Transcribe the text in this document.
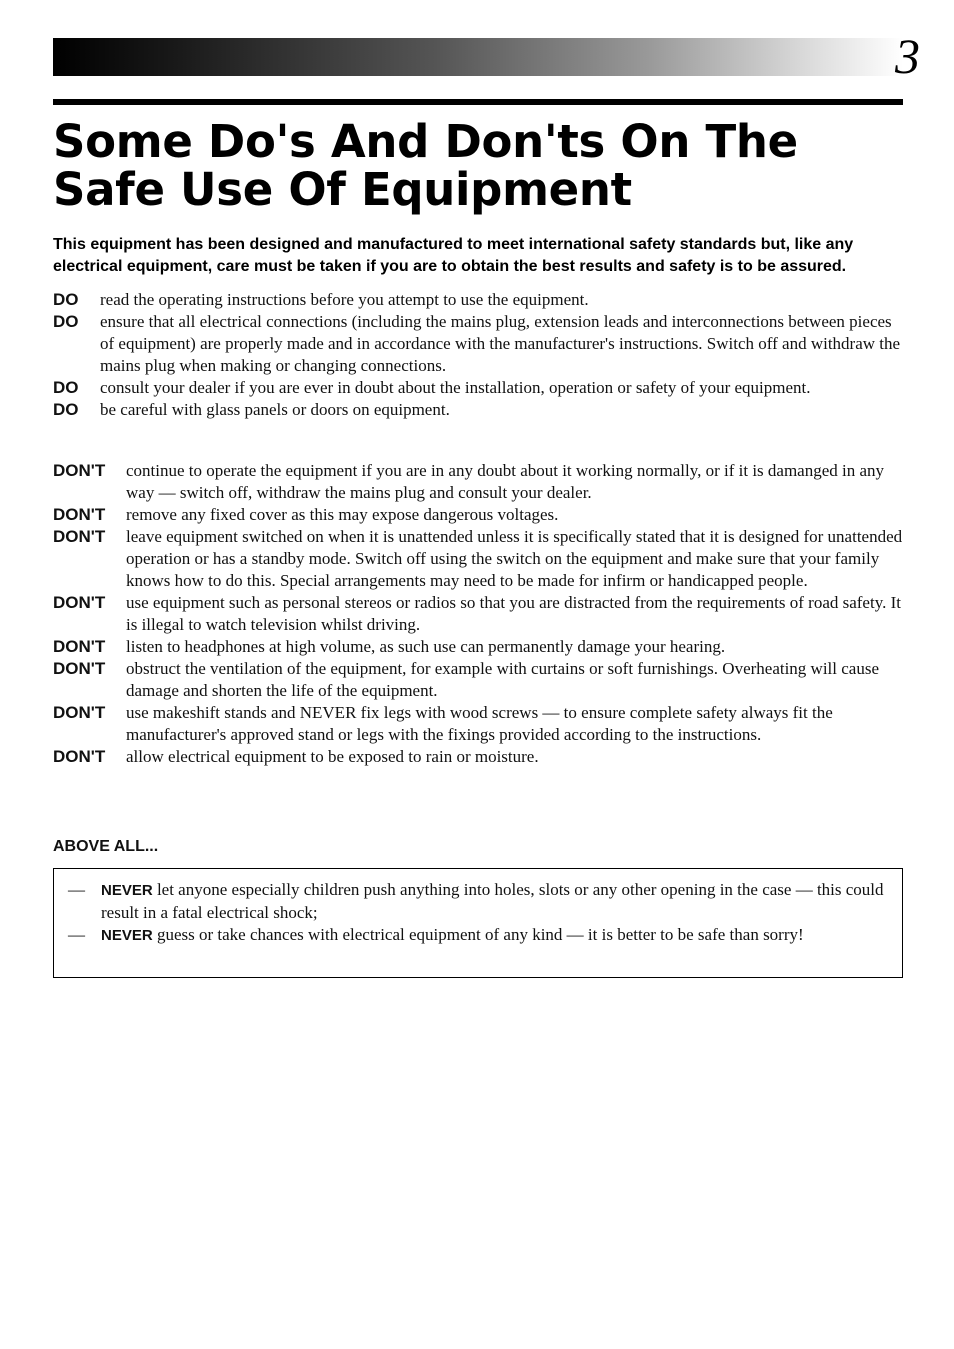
3
Some Do's And Don'ts On The Safe Use Of Equipment

This equipment has been designed and manufactured to meet international safety standards but, like any electrical equipment, care must be taken if you are to obtain the best results and safety is to be assured.

DO	read the operating instructions before you attempt to use the equipment.
DO	ensure that all electrical connections (including the mains plug, extension leads and interconnections between pieces of equipment) are properly made and in accordance with the manufacturer's instructions. Switch off and withdraw the mains plug when making or changing connections.
DO	consult your dealer if you are ever in doubt about the installation, operation or safety of your equipment.
DO	be careful with glass panels or doors on equipment.
DON'T	continue to operate the equipment if you are in any doubt about it working normally, or if it is damanged in any way — switch off, withdraw the mains plug and consult your dealer.
DON'T	remove any fixed cover as this may expose dangerous voltages.
DON'T	leave equipment switched on when it is unattended unless it is specifically stated that it is designed for unattended operation or has a standby mode. Switch off using the switch on the equipment and make sure that your family knows how to do this. Special arrangements may need to be made for infirm or handicapped people.
DON'T	use equipment such as personal stereos or radios so that you are distracted from the requirements of road safety. It is illegal to watch television whilst driving.
DON'T	listen to headphones at high volume, as such use can permanently damage your hearing.
DON'T	obstruct the ventilation of the equipment, for example with curtains or soft furnishings. Overheating will cause damage and shorten the life of the equipment.
DON'T	use makeshift stands and NEVER fix legs with wood screws — to ensure complete safety always fit the manufacturer's approved stand or legs with the fixings provided according to the instructions.
DON'T	allow electrical equipment to be exposed to rain or moisture.

ABOVE ALL...

—	NEVER let anyone especially children push anything into holes, slots or any other opening in the case — this could result in a fatal electrical shock;
—	NEVER guess or take chances with electrical equipment of any kind — it is better to be safe than sorry!
